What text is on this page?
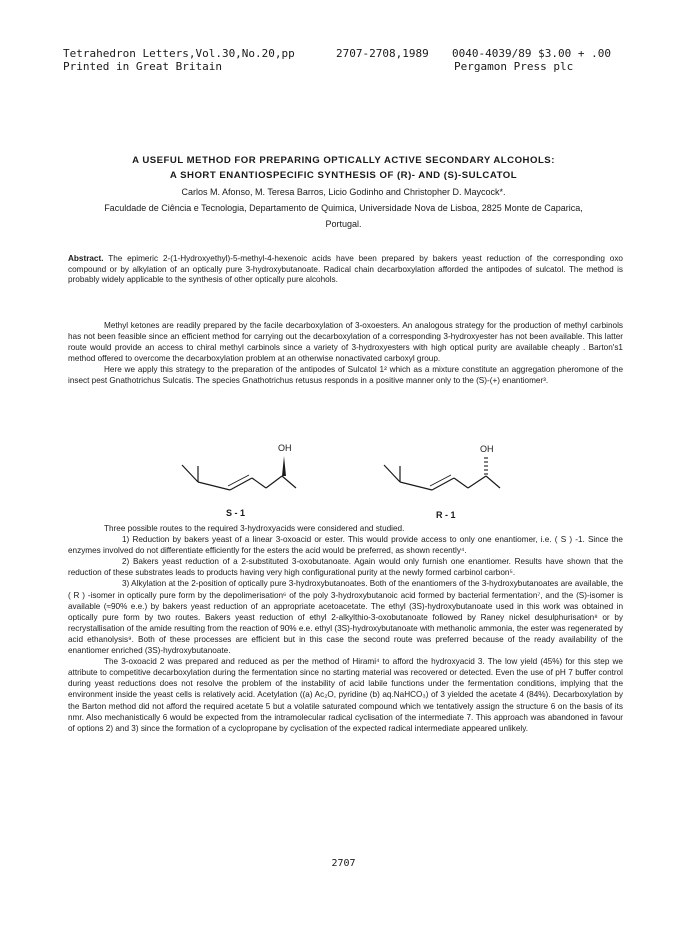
Tetrahedron Letters,Vol.30,No.20,pp
Printed in Great Britain
2707-2708,1989 0040-4039/89 $3.00 + .00
Pergamon Press plc
A USEFUL METHOD FOR PREPARING OPTICALLY ACTIVE SECONDARY ALCOHOLS:
A SHORT ENANTIOSPECIFIC SYNTHESIS OF (R)- AND (S)-SULCATOL
Carlos M. Afonso, M. Teresa Barros, Licio Godinho and Christopher D. Maycock*.
Faculdade de Ciência e Tecnologia, Departamento de Quimica, Universidade Nova de Lisboa, 2825 Monte de Caparica,
Portugal.
Abstract. The epimeric 2-(1-Hydroxyethyl)-5-methyl-4-hexenoic acids have been prepared by bakers yeast reduction of the corresponding oxo compound or by alkylation of an optically pure 3-hydroxybutanoate. Radical chain decarboxylation afforded the antipodes of sulcatol. The method is probably widely applicable to the synthesis of other optically pure alcohols.

Methyl ketones are readily prepared by the facile decarboxylation of 3-oxoesters. An analogous strategy for the production of methyl carbinols has not been feasible since an efficient method for carrying out the decarboxylation of a corresponding 3-hydroxyester has not been available. This latter route would provide an access to chiral methyl carbinols since a variety of 3-hydroxyesters with high optical purity are available cheaply . Barton's1 method offered to overcome the decarboxylation problem at an otherwise nonactivated carboxyl group.

Here we apply this strategy to the preparation of the antipodes of Sulcatol 1² which as a mixture constitute an aggregation pheromone of the insect pest Gnathotrichus Sulcatis. The species Gnathotrichus retusus responds in a positive manner only to the (S)-(+) enantiomer³.

OH
S - 1
OH
R - 1

Three possible routes to the required 3-hydroxyacids were considered and studied.

1) Reduction by bakers yeast of a linear 3-oxoacid or ester. This would provide access to only one enantiomer, i.e. ( S ) -1. Since the enzymes involved do not differentiate efficiently for the esters the acid would be preferred, as shown recently⁴.

2) Bakers yeast reduction of a 2-substituted 3-oxobutanoate. Again would only furnish one enantiomer. Results have shown that the reduction of these substrates leads to products having very high configurational purity at the newly formed carbinol carbon⁵.

3) Alkylation at the 2-position of optically pure 3-hydroxybutanoates. Both of the enantiomers of the 3-hydroxybutanoates are available, the ( R ) -isomer in optically pure form by the depolimerisation⁶ of the poly 3-hydroxybutanoic acid formed by bacterial fermentation⁷, and the (S)-isomer is available (≈90% e.e.) by bakers yeast reduction of an appropriate acetoacetate. The ethyl (3S)-hydroxybutanoate used in this work was obtained in optically pure form by two routes. Bakers yeast reduction of ethyl 2-alkylthio-3-oxobutanoate followed by Raney nickel desulphurisation⁸ or by recrystallisation of the amide resulting from the reaction of 90% e.e. ethyl (3S)-hydroxybutanoate with methanolic ammonia, the ester was regenerated by acid ethanolysis⁹. Both of these processes are efficient but in this case the second route was preferred because of the ready availability of the enantiomer enriched (3S)-hydroxybutanoate.

The 3-oxoacid 2 was prepared and reduced as per the method of Hirami⁴ to afford the hydroxyacid 3. The low yield (45%) for this step we attribute to competitive decarboxylation during the fermentation since no starting material was recovered or detected. Even the use of pH 7 buffer control during yeast reductions does not resolve the problem of the instability of acid labile functions under the fermentation conditions, implying that the environment inside the yeast cells is relatively acid. Acetylation ((a) Ac₂O, pyridine (b) aq.NaHCO₃) of 3 yielded the acetate 4 (84%). Decarboxylation by the Barton method did not afford the required acetate 5 but a volatile saturated compound which we tentatively assign the structure 6 on the basis of its nmr. Also mechanistically 6 would be expected from the intramolecular radical cyclisation of the intermediate 7. This approach was abandoned in favour of options 2) and 3) since the formation of a cyclopropane by cyclisation of the expected radical intermediate appeared unlikely.

2707
